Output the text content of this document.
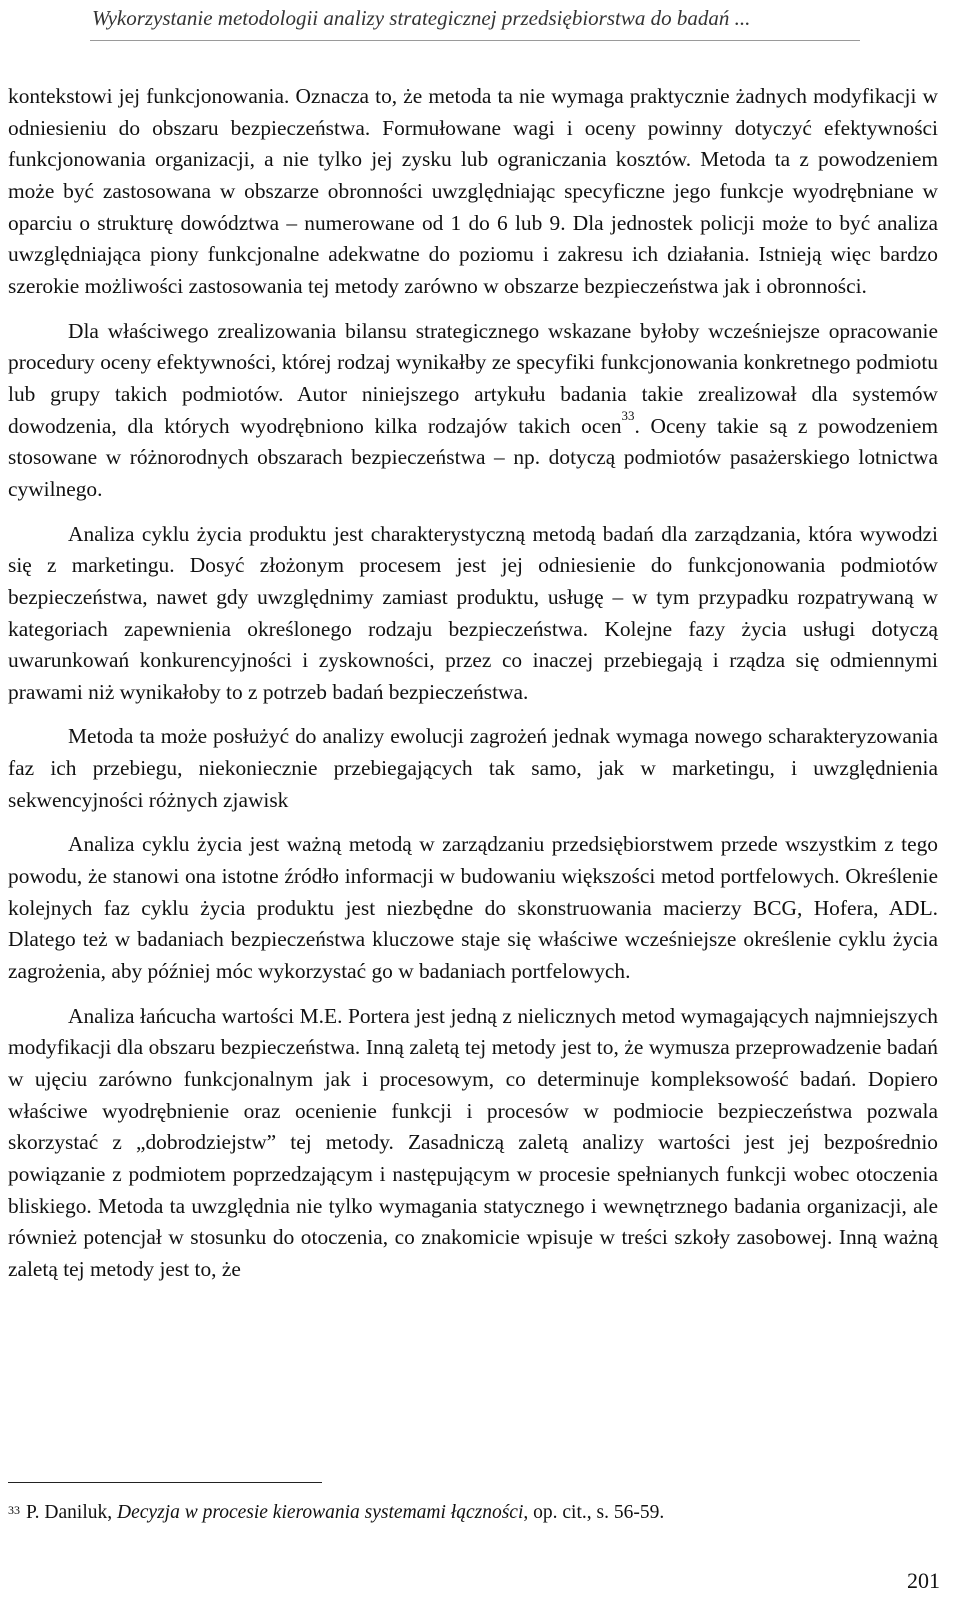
Wykorzystanie metodologii analizy strategicznej przedsiębiorstwa do badań ...

kontekstowi jej funkcjonowania. Oznacza to, że metoda ta nie wymaga praktycznie żadnych modyfikacji w odniesieniu do obszaru bezpieczeństwa. Formułowane wagi i oceny powinny dotyczyć efektywności funkcjonowania organizacji, a nie tylko jej zysku lub ograniczania kosztów. Metoda ta z powodzeniem może być zastosowana w obszarze obronności uwzględniając specyficzne jego funkcje wyodrębniane w oparciu o strukturę dowództwa – numerowane od 1 do 6 lub 9. Dla jednostek policji może to być analiza uwzględniająca piony funkcjonalne adekwatne do poziomu i zakresu ich działania. Istnieją więc bardzo szerokie możliwości zastosowania tej metody zarówno w obszarze bezpieczeństwa jak i obronności.

Dla właściwego zrealizowania bilansu strategicznego wskazane byłoby wcześniejsze opracowanie procedury oceny efektywności, której rodzaj wynikałby ze specyfiki funkcjonowania konkretnego podmiotu lub grupy takich podmiotów. Autor niniejszego artykułu badania takie zrealizował dla systemów dowodzenia, dla których wyodrębniono kilka rodzajów takich ocen$^{33}$. Oceny takie są z powodzeniem stosowane w różnorodnych obszarach bezpieczeństwa – np. dotyczą podmiotów pasażerskiego lotnictwa cywilnego.

Analiza cyklu życia produktu jest charakterystyczną metodą badań dla zarządzania, która wywodzi się z marketingu. Dosyć złożonym procesem jest jej odniesienie do funkcjonowania podmiotów bezpieczeństwa, nawet gdy uwzględnimy zamiast produktu, usługę – w tym przypadku rozpatrywaną w kategoriach zapewnienia określonego rodzaju bezpieczeństwa. Kolejne fazy życia usługi dotyczą uwarunkowań konkurencyjności i zyskowności, przez co inaczej przebiegają i rządza się odmiennymi prawami niż wynikałoby to z potrzeb badań bezpieczeństwa.

Metoda ta może posłużyć do analizy ewolucji zagrożeń jednak wymaga nowego scharakteryzowania faz ich przebiegu, niekoniecznie przebiegających tak samo, jak w marketingu, i uwzględnienia sekwencyjności różnych zjawisk

Analiza cyklu życia jest ważną metodą w zarządzaniu przedsiębiorstwem przede wszystkim z tego powodu, że stanowi ona istotne źródło informacji w budowaniu większości metod portfelowych. Określenie kolejnych faz cyklu życia produktu jest niezbędne do skonstruowania macierzy BCG, Hofera, ADL. Dlatego też w badaniach bezpieczeństwa kluczowe staje się właściwe wcześniejsze określenie cyklu życia zagrożenia, aby później móc wykorzystać go w badaniach portfelowych.

Analiza łańcucha wartości M.E. Portera jest jedną z nielicznych metod wymagających najmniejszych modyfikacji dla obszaru bezpieczeństwa. Inną zaletą tej metody jest to, że wymusza przeprowadzenie badań w ujęciu zarówno funkcjonalnym jak i procesowym, co determinuje kompleksowość badań. Dopiero właściwe wyodrębnienie oraz ocenienie funkcji i procesów w podmiocie bezpieczeństwa pozwala skorzystać z „dobrodziejstw” tej metody. Zasadniczą zaletą analizy wartości jest jej bezpośrednio powiązanie z podmiotem poprzedzającym i następującym w procesie spełnianych funkcji wobec otoczenia bliskiego. Metoda ta uwzględnia nie tylko wymagania statycznego i wewnętrznego badania organizacji, ale również potencjał w stosunku do otoczenia, co znakomicie wpisuje w treści szkoły zasobowej. Inną ważną zaletą tej metody jest to, że

$^{33}$ P. Daniluk, Decyzja w procesie kierowania systemami łączności, op. cit., s. 56-59.
201
